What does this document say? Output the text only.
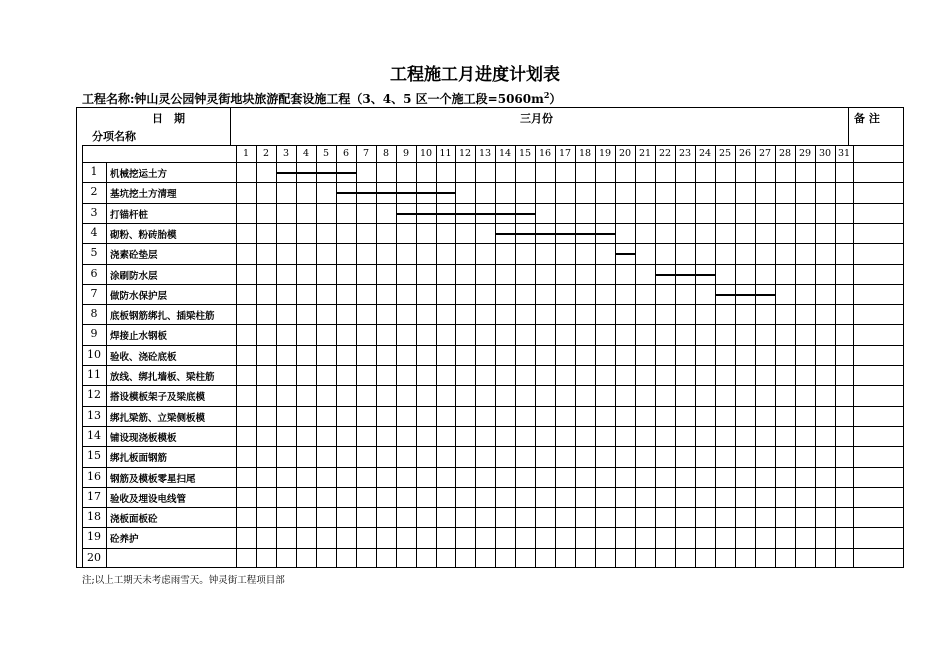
工程施工月进度计划表
工程名称:钟山灵公园钟灵街地块旅游配套设施工程（3、4、5 区一个施工段$=5060m^2$）
日　期
分项名称
三月份	备 注
1	2	3	4	5	6	7	8	9	10 11 12 13 14 15 16 17 18 19 20 21 22 23 24 25 26 27 28 29 30 31
1	机械挖运土方
2	基坑挖土方清理
3	打锚杆桩
4	砌粉、粉砖胎模
5	浇素砼垫层
6	涂刷防水层
7	做防水保护层
8	底板钢筋绑扎、插梁柱筋
9	焊接止水钢板
10 验收、浇砼底板
11 放线、绑扎墙板、梁柱筋
12 搭设模板架子及梁底模
13 绑扎梁筋、立梁侧板模
14 铺设现浇板模板
15 绑扎板面钢筋
16 钢筋及模板零星扫尾
17 验收及埋设电线管
18 浇板面板砼
19 砼养护
20
注;以上工期天未考虑雨雪天。钟灵街工程项目部
